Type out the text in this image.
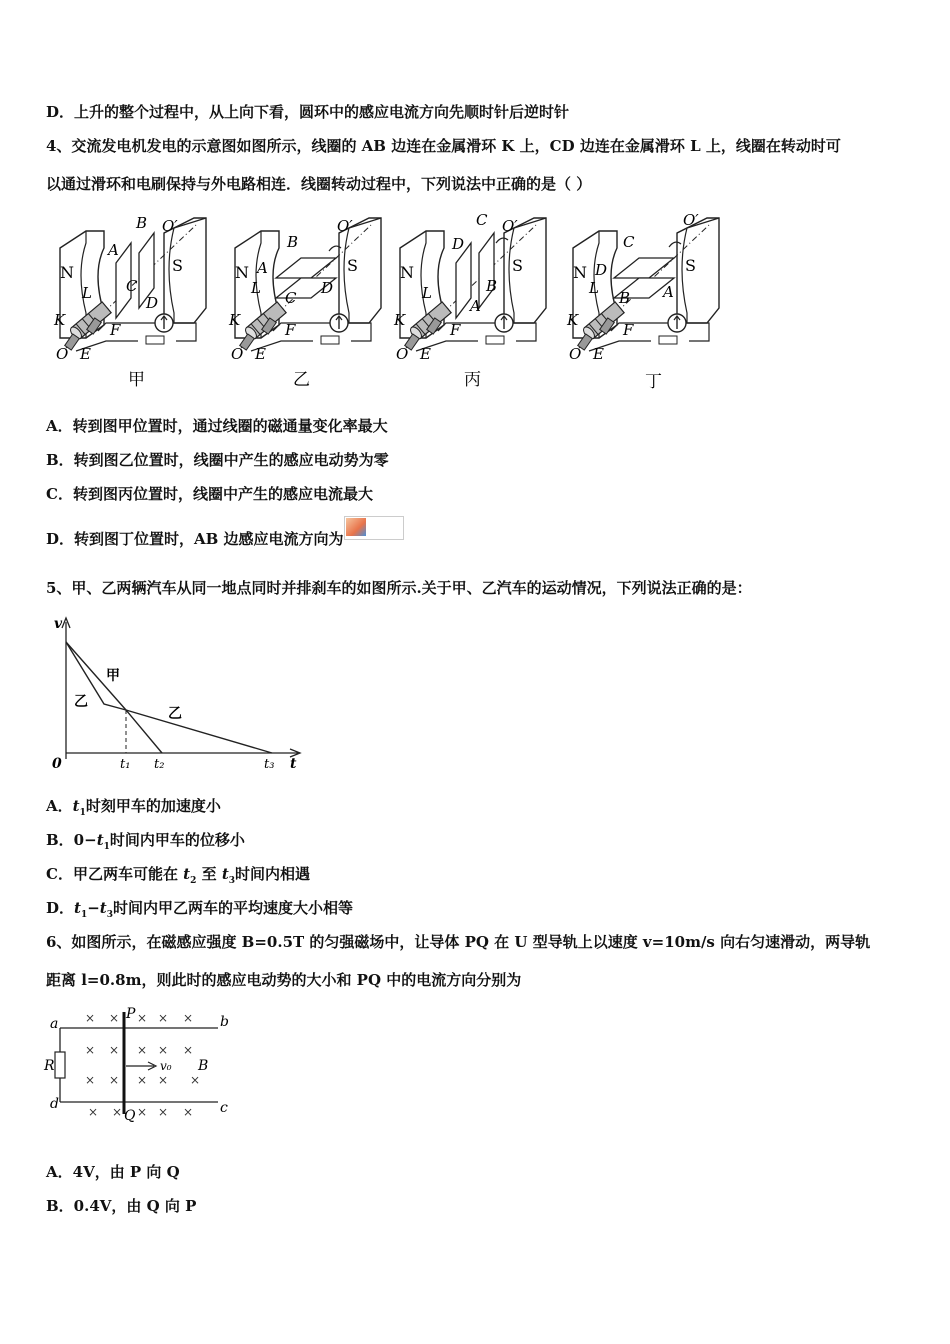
D．上升的整个过程中，从上向下看，圆环中的感应电流方向先顺时针后逆时针
4、交流发电机发电的示意图如图所示，线圈的 AB 边连在金属滑环 K 上，CD 边连在金属滑环 L 上，线圈在转动时可
以通过滑环和电刷保持与外电路相连．线圈转动过程中，下列说法中正确的是（ ）
N	S
B
A
C
D
O′
L
K
F
O E
甲
N	S
B
A
C
D
O′
L
K
F
O E
乙
N	S
C
D
B
A
O′
L
K
F
O E
丙
N	S
C
D
B A
O′
L
K
F
O E
丁
A．转到图甲位置时，通过线圈的磁通量变化率最大
B．转到图乙位置时，线圈中产生的感应电动势为零
C．转到图丙位置时，线圈中产生的感应电流最大
D．转到图丁位置时，AB 边感应电流方向为
5、甲、乙两辆汽车从同一地点同时并排刹车的如图所示.关于甲、乙汽车的运动情况，下列说法正确的是：
v
t
0
甲
乙
乙
t₁ t₂	t₃
A．$t_1$时刻甲车的加速度小
B．$0-t_1$时间内甲车的位移小
C．甲乙两车可能在 $t_2$ 至 $t_3$时间内相遇
D．$t_1-t_3$时间内甲乙两车的平均速度大小相等
6、如图所示，在磁感应强度 B=0.5T 的匀强磁场中，让导体 PQ 在 U 型导轨上以速度 v=10m/s 向右匀速滑动，两导轨
距离 l=0.8m，则此时的感应电动势的大小和 PQ 中的电流方向分别为
× × × × ×
× × × × ×
× × × × ×
× × × × ×
a	b
c
d
P
Q
R	B
v₀
A．4V，由 P 向 Q
B．0.4V，由 Q 向 P
